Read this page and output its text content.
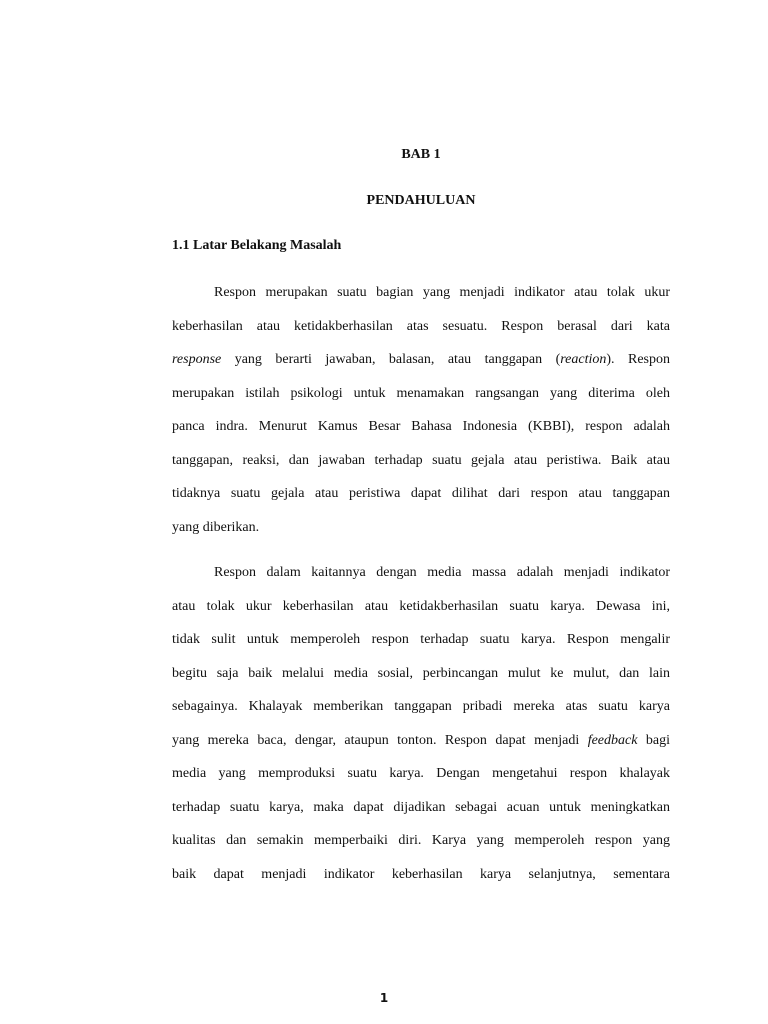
BAB 1
PENDAHULUAN
1.1 Latar Belakang Masalah
Respon merupakan suatu bagian yang menjadi indikator atau tolak ukur
keberhasilan atau ketidakberhasilan atas sesuatu. Respon berasal dari kata
response yang berarti jawaban, balasan, atau tanggapan (reaction). Respon
merupakan istilah psikologi untuk menamakan rangsangan yang diterima oleh
panca indra. Menurut Kamus Besar Bahasa Indonesia (KBBI), respon adalah
tanggapan, reaksi, dan jawaban terhadap suatu gejala atau peristiwa. Baik atau
tidaknya suatu gejala atau peristiwa dapat dilihat dari respon atau tanggapan
yang diberikan.
Respon dalam kaitannya dengan media massa adalah menjadi indikator
atau tolak ukur keberhasilan atau ketidakberhasilan suatu karya. Dewasa ini,
tidak sulit untuk memperoleh respon terhadap suatu karya. Respon mengalir
begitu saja baik melalui media sosial, perbincangan mulut ke mulut, dan lain
sebagainya. Khalayak memberikan tanggapan pribadi mereka atas suatu karya
yang mereka baca, dengar, ataupun tonton. Respon dapat menjadi feedback bagi
media yang memproduksi suatu karya. Dengan mengetahui respon khalayak
terhadap suatu karya, maka dapat dijadikan sebagai acuan untuk meningkatkan
kualitas dan semakin memperbaiki diri. Karya yang memperoleh respon yang
baik dapat menjadi indikator keberhasilan karya selanjutnya, sementara
1
